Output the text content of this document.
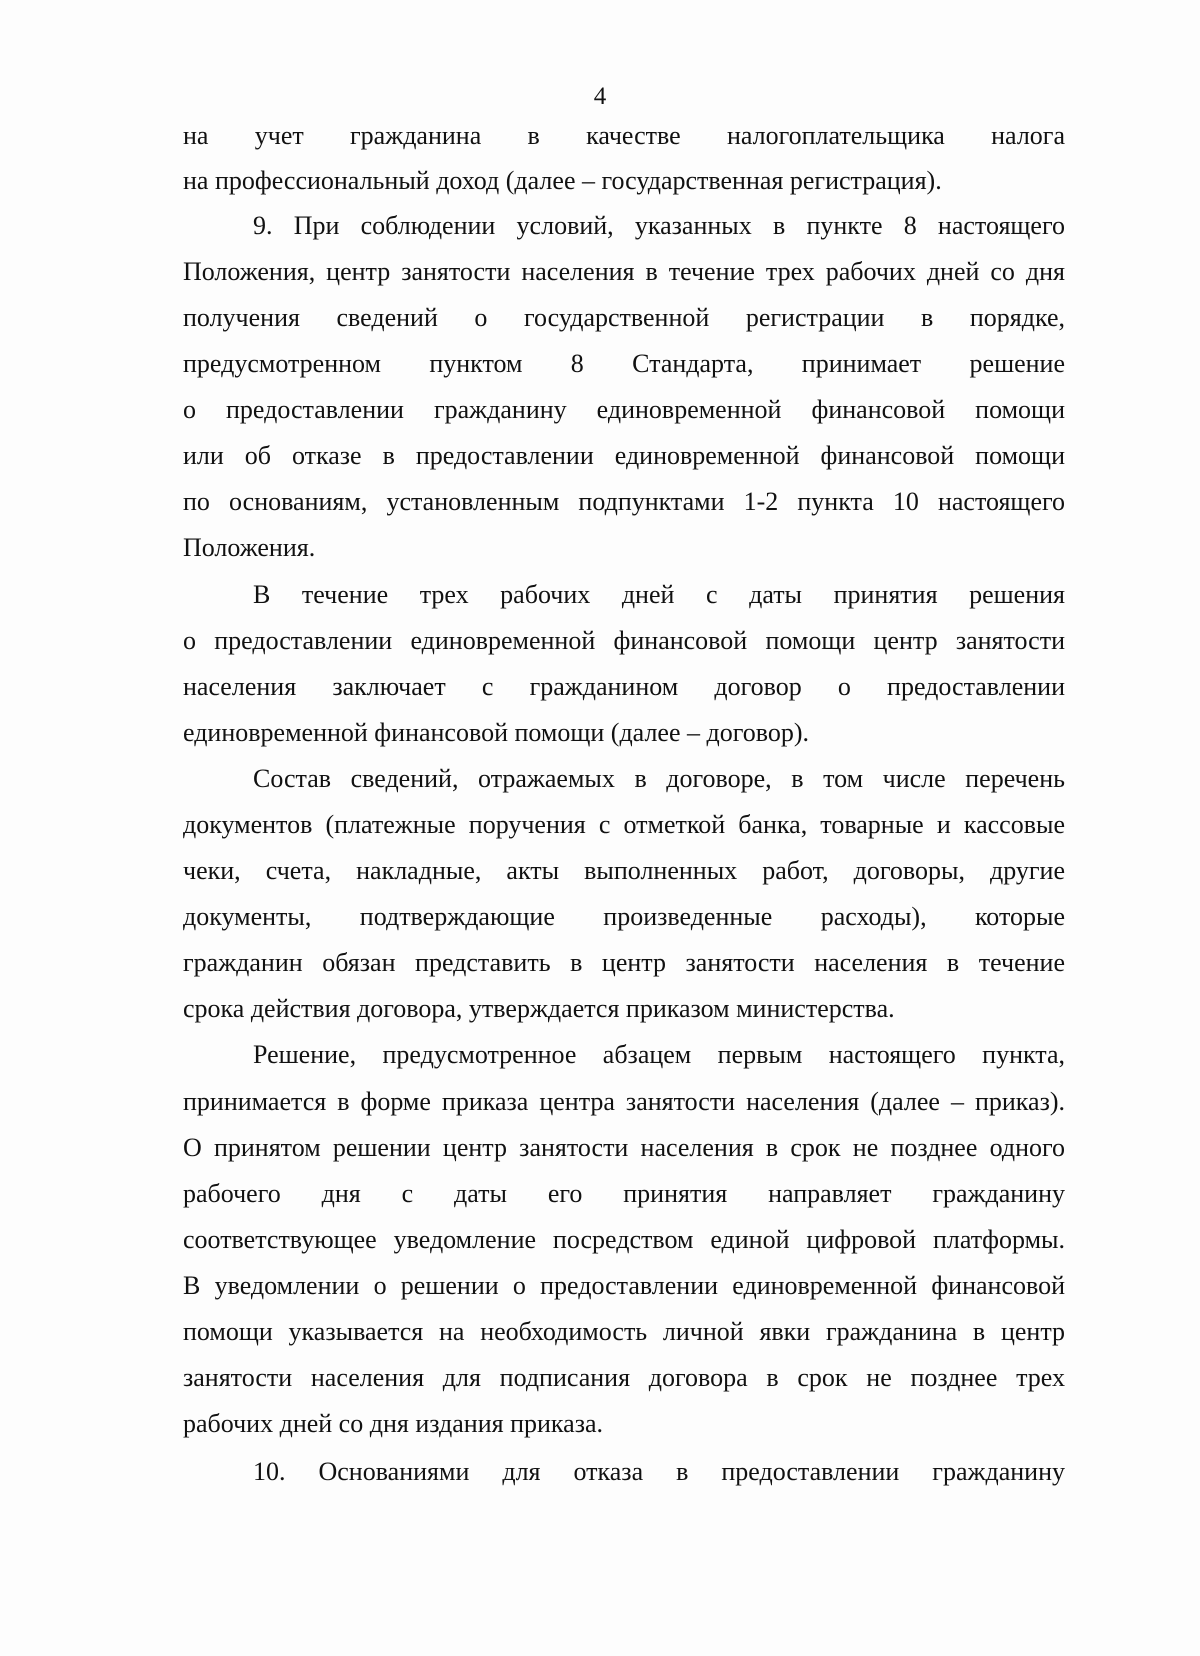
4
на учет гражданина в качестве налогоплательщика налога
на профессиональный доход (далее – государственная регистрация).
9. При соблюдении условий, указанных в пункте 8 настоящего
Положения, центр занятости населения в течение трех рабочих дней со дня
получения сведений о государственной регистрации в порядке,
предусмотренном пунктом 8 Стандарта, принимает решение
о предоставлении гражданину единовременной финансовой помощи
или об отказе в предоставлении единовременной финансовой помощи
по основаниям, установленным подпунктами 1-2 пункта 10 настоящего
Положения.
В течение трех рабочих дней с даты принятия решения
о предоставлении единовременной финансовой помощи центр занятости
населения заключает с гражданином договор о предоставлении
единовременной финансовой помощи (далее – договор).
Состав сведений, отражаемых в договоре, в том числе перечень
документов (платежные поручения с отметкой банка, товарные и кассовые
чеки, счета, накладные, акты выполненных работ, договоры, другие
документы, подтверждающие произведенные расходы), которые
гражданин обязан представить в центр занятости населения в течение
срока действия договора, утверждается приказом министерства.
Решение, предусмотренное абзацем первым настоящего пункта,
принимается в форме приказа центра занятости населения (далее – приказ).
О принятом решении центр занятости населения в срок не позднее одного
рабочего дня с даты его принятия направляет гражданину
соответствующее уведомление посредством единой цифровой платформы.
В уведомлении о решении о предоставлении единовременной финансовой
помощи указывается на необходимость личной явки гражданина в центр
занятости населения для подписания договора в срок не позднее трех
рабочих дней со дня издания приказа.
10. Основаниями для отказа в предоставлении гражданину
